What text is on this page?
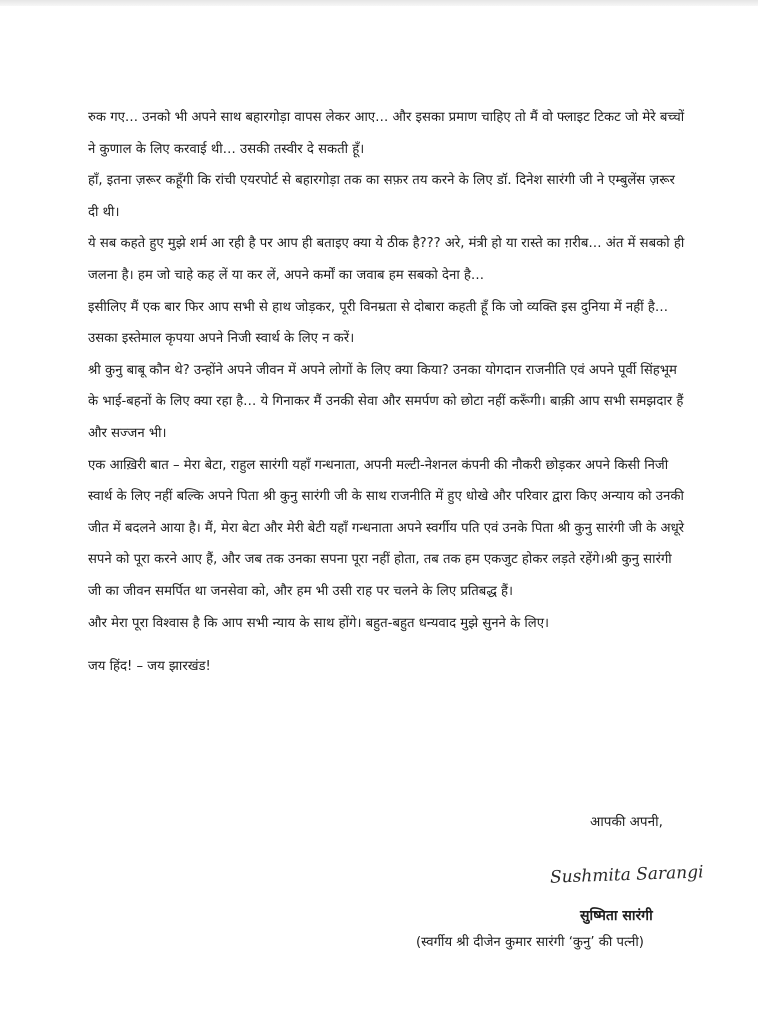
रुक गए… उनको भी अपने साथ बहारगोड़ा वापस लेकर आए… और इसका प्रमाण चाहिए तो मैं वो फ्लाइट टिकट जो मेरे बच्चों ने कुणाल के लिए करवाई थी… उसकी तस्वीर दे सकती हूँ।

हाँ, इतना ज़रूर कहूँगी कि रांची एयरपोर्ट से बहारगोड़ा तक का सफ़र तय करने के लिए डॉ. दिनेश सारंगी जी ने एम्बुलेंस ज़रूर दी थी।

ये सब कहते हुए मुझे शर्म आ रही है पर आप ही बताइए क्या ये ठीक है??? अरे, मंत्री हो या रास्ते का ग़रीब… अंत में सबको ही जलना है। हम जो चाहे कह लें या कर लें, अपने कर्मों का जवाब हम सबको देना है…

इसीलिए मैं एक बार फिर आप सभी से हाथ जोड़कर, पूरी विनम्रता से दोबारा कहती हूँ कि जो व्यक्ति इस दुनिया में नहीं है… उसका इस्तेमाल कृपया अपने निजी स्वार्थ के लिए न करें।

श्री कुनु बाबू कौन थे? उन्होंने अपने जीवन में अपने लोगों के लिए क्या किया? उनका योगदान राजनीति एवं अपने पूर्वी सिंहभूम के भाई-बहनों के लिए क्या रहा है… ये गिनाकर मैं उनकी सेवा और समर्पण को छोटा नहीं करूँगी। बाक़ी आप सभी समझदार हैं और सज्जन भी।

एक आख़िरी बात – मेरा बेटा, राहुल सारंगी यहाँ गन्धनाता, अपनी मल्टी-नेशनल कंपनी की नौकरी छोड़कर अपने किसी निजी स्वार्थ के लिए नहीं बल्कि अपने पिता श्री कुनु सारंगी जी के साथ राजनीति में हुए धोखे और परिवार द्वारा किए अन्याय को उनकी जीत में बदलने आया है। मैं, मेरा बेटा और मेरी बेटी यहाँ गन्धनाता अपने स्वर्गीय पति एवं उनके पिता श्री कुनु सारंगी जी के अधूरे सपने को पूरा करने आए हैं, और जब तक उनका सपना पूरा नहीं होता, तब तक हम एकजुट होकर लड़ते रहेंगे।श्री कुनु सारंगी जी का जीवन समर्पित था जनसेवा को, और हम भी उसी राह पर चलने के लिए प्रतिबद्ध हैं।

और मेरा पूरा विश्वास है कि आप सभी न्याय के साथ होंगे। बहुत-बहुत धन्यवाद मुझे सुनने के लिए।

जय हिंद! – जय झारखंड!

आपकी अपनी,
Sushmita Sarangi
सुष्मिता सारंगी
(स्वर्गीय श्री दीजेन कुमार सारंगी ‘कुनु’ की पत्नी)
